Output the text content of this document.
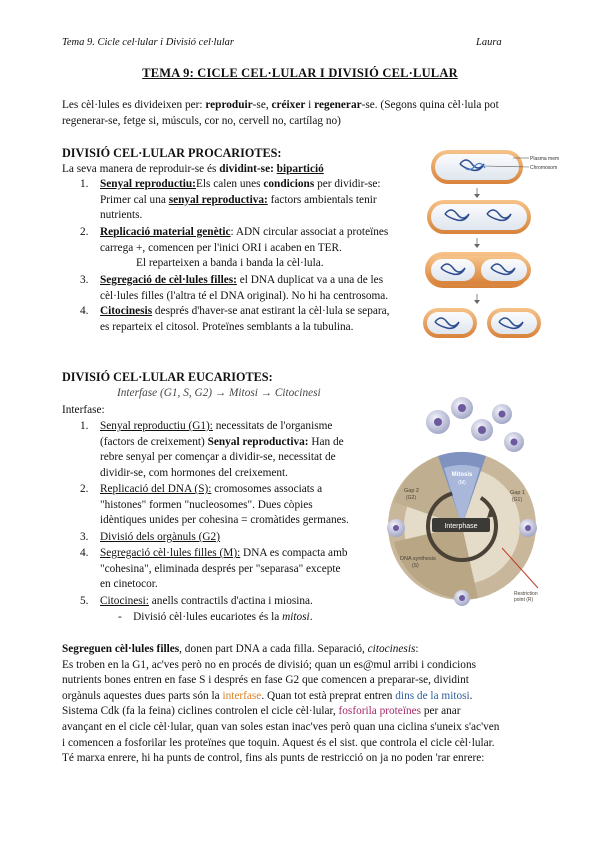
Tema 9. Cicle cel·lular i Divisió cel·lular	Laura
TEMA 9: CICLE CEL·LULAR I DIVISIÓ CEL·LULAR
Les cèl·lules es divideixen per: reproduir-se, créixer i regenerar-se. (Segons quina cèl·lula pot
regenerar-se, fetge si, músculs, cor no, cervell no, cartílag no)
DIVISIÓ CEL·LULAR PROCARIOTES:
La seva manera de reproduir-se és dividint-se: bipartició
1. Senyal reproductiu:Els calen unes condicions per dividir-se:
Primer cal una senyal reproductiva: factors ambientals tenir
nutrients.
2. Replicació material genètic: ADN circular associat a proteïnes
carrega +, comencen per l'inici ORI i acaben en TER.
El reparteixen a banda i banda la cèl·lula.
3. Segregació de cèl·lules filles: el DNA duplicat va a una de les
cèl·lules filles (l'altra té el DNA original). No hi ha centrosoma.
4. Citocinesis després d'haver-se anat estirant la cèl·lula se separa,
es reparteix el citosol. Proteïnes semblants a la tubulina.
Plasma mem
Chromosom
DIVISIÓ CEL·LULAR EUCARIOTES:
Interfase (G1, S, G2) → Mitosi → Citocinesi
Interfase:
1. Senyal reproductiu (G1): necessitats de l'organisme
(factors de creixement) Senyal reproductiva: Han de
rebre senyal per començar a dividir-se, necessitat de
dividir-se, com hormones del creixement.
2. Replicació del DNA (S): cromosomes associats a
"histones" formen "nucleosomes". Dues còpies
idèntiques unides per cohesina = cromàtides germanes.
3. Divisió dels orgànuls (G2)
4. Segregació cèl·lules filles (M): DNA es compacta amb
"cohesina", eliminada després per "separasa" excepte
en cinetocor.
5. Citocinesi: anells contractils d'actina i miosina.
-    Divisió cèl·lules eucariotes és la mitosi.
Interphase
Mitosis
(M)
Gap 2
(G2)
Gap 1
(G1)
DNA synthesis
(S)
Restriction
point (R)
Segreguen cèl·lules filles, donen part DNA a cada filla. Separació, citocinesis:
Es troben en la G1, ac'ves però no en procés de divisió; quan un es@mul arribi i condicions
nutrients bones entren en fase S i després en fase G2 que comencen a preparar-se, dividint
orgànuls aquestes dues parts són la interfase. Quan tot està preprat entren dins de la mitosi.
Sistema Cdk (fa la feina) ciclines controlen el cicle cèl·lular, fosforila proteïnes per anar
avançant en el cicle cèl·lular, quan van soles estan inac'ves però quan una ciclina s'uneix s'ac'ven
i comencen a fosforilar les proteïnes que toquin. Aquest és el sist. que controla el cicle cèl·lular.
Té marxa enrere, hi ha punts de control, fins als punts de restricció on ja no poden 'rar enrere:
